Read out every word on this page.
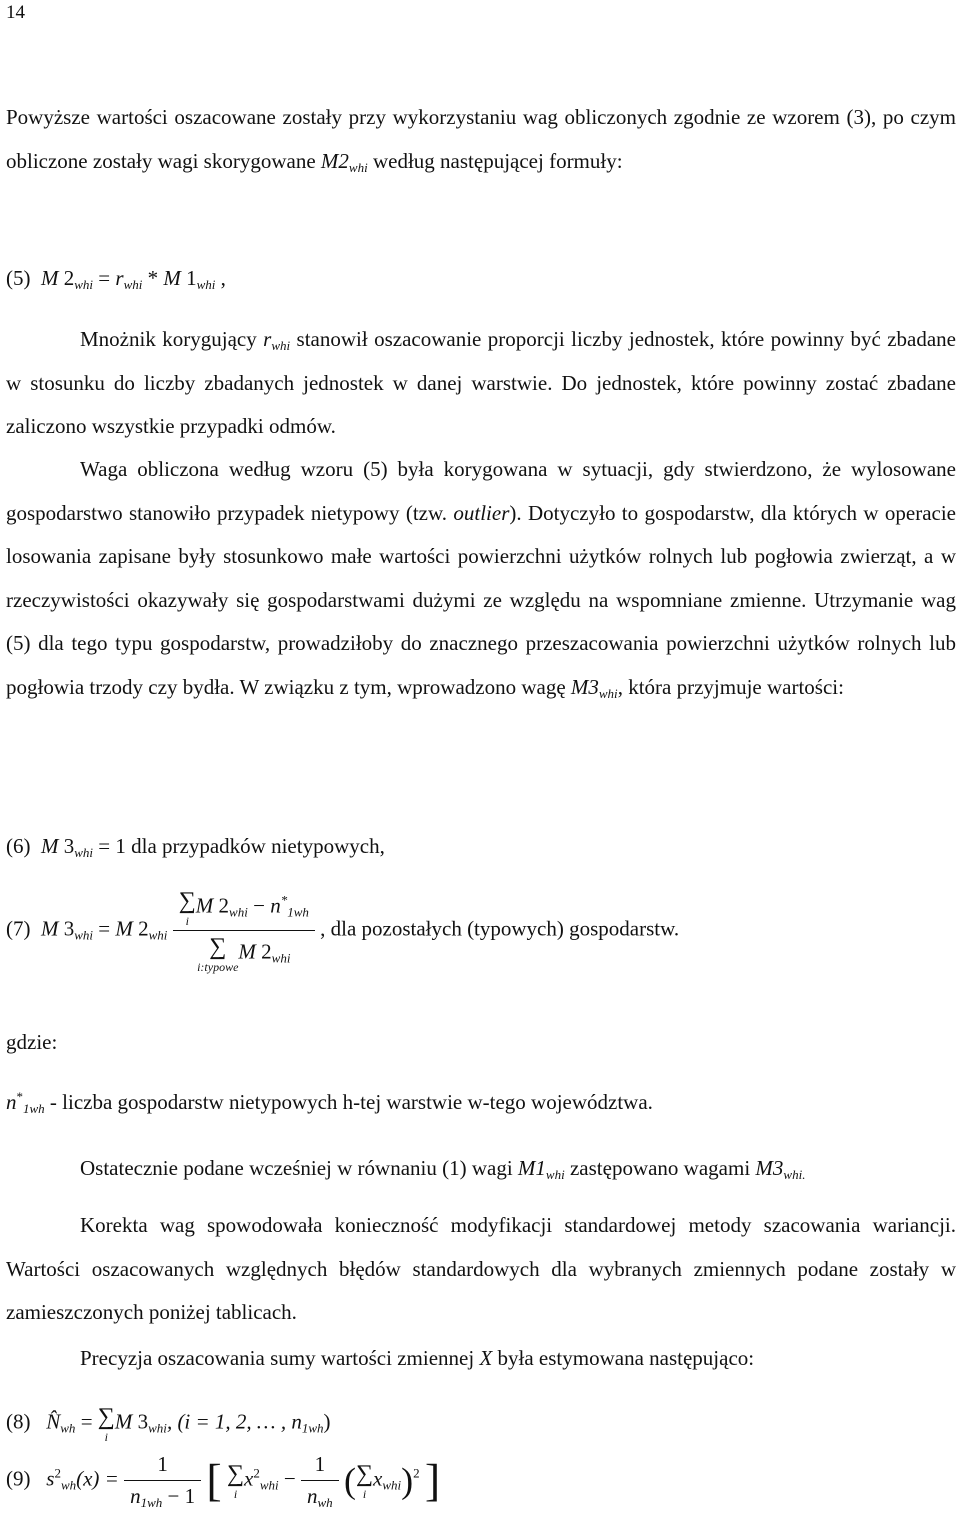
14
Powyższe wartości oszacowane zostały przy wykorzystaniu wag obliczonych zgodnie ze wzorem (3), po czym obliczone zostały wagi skorygowane $M2_{whi}$ według następującej formuły:
(5) M $2_{whi} = r_{whi} * M$ $1_{whi}$ ,
Mnożnik korygujący $r_{whi}$ stanowił oszacowanie proporcji liczby jednostek, które powinny być zbadane w stosunku do liczby zbadanych jednostek w danej warstwie. Do jednostek, które powinny zostać zbadane zaliczono wszystkie przypadki odmów.
Waga obliczona według wzoru (5) była korygowana w sytuacji, gdy stwierdzono, że wylosowane gospodarstwo stanowiło przypadek nietypowy (tzw. outlier). Dotyczyło to gospodarstw, dla których w operacie losowania zapisane były stosunkowo małe wartości powierzchni użytków rolnych lub pogłowia zwierząt, a w rzeczywistości okazywały się gospodarstwami dużymi ze względu na wspomniane zmienne. Utrzymanie wag (5) dla tego typu gospodarstw, prowadziłoby do znacznego przeszacowania powierzchni użytków rolnych lub pogłowia trzody czy bydła. W związku z tym, wprowadzono wagę $M3_{whi}$, która przyjmuje wartości:
(6) M $3_{whi} = 1$ dla przypadków nietypowych,
(7) M $3_{whi} = M$ $2_{whi}$ ∑
i
M $2_{whi} - n^*_{1wh}$
∑
i:typowe
M $2_{whi}$ , dla pozostałych (typowych) gospodarstw.
gdzie:
$n^*_{1wh}$ - liczba gospodarstw nietypowych h-tej warstwie w-tego województwa.
Ostatecznie podane wcześniej w równaniu (1) wagi $M1_{whi}$ zastępowano wagami $M3_{whi.}$
Korekta wag spowodowała konieczność modyfikacji standardowej metody szacowania wariancji. Wartości oszacowanych względnych błędów standardowych dla wybranych zmiennych podane zostały w zamieszczonych poniżej tablicach.
Precyzja oszacowania sumy wartości zmiennej X była estymowana następująco:
(8) $N̂_{wh}$ = ∑
i
M $3_{whi}$, (i = 1, 2, … , $n_{1wh}$)
(9) $s^2_{wh}(x) = \frac{1}{n_{1wh} - 1}$ [ ∑
i
$x^2_{whi} - \frac{1}{n_{wh}}$ (∑
i
$x_{whi})^2$ ]
